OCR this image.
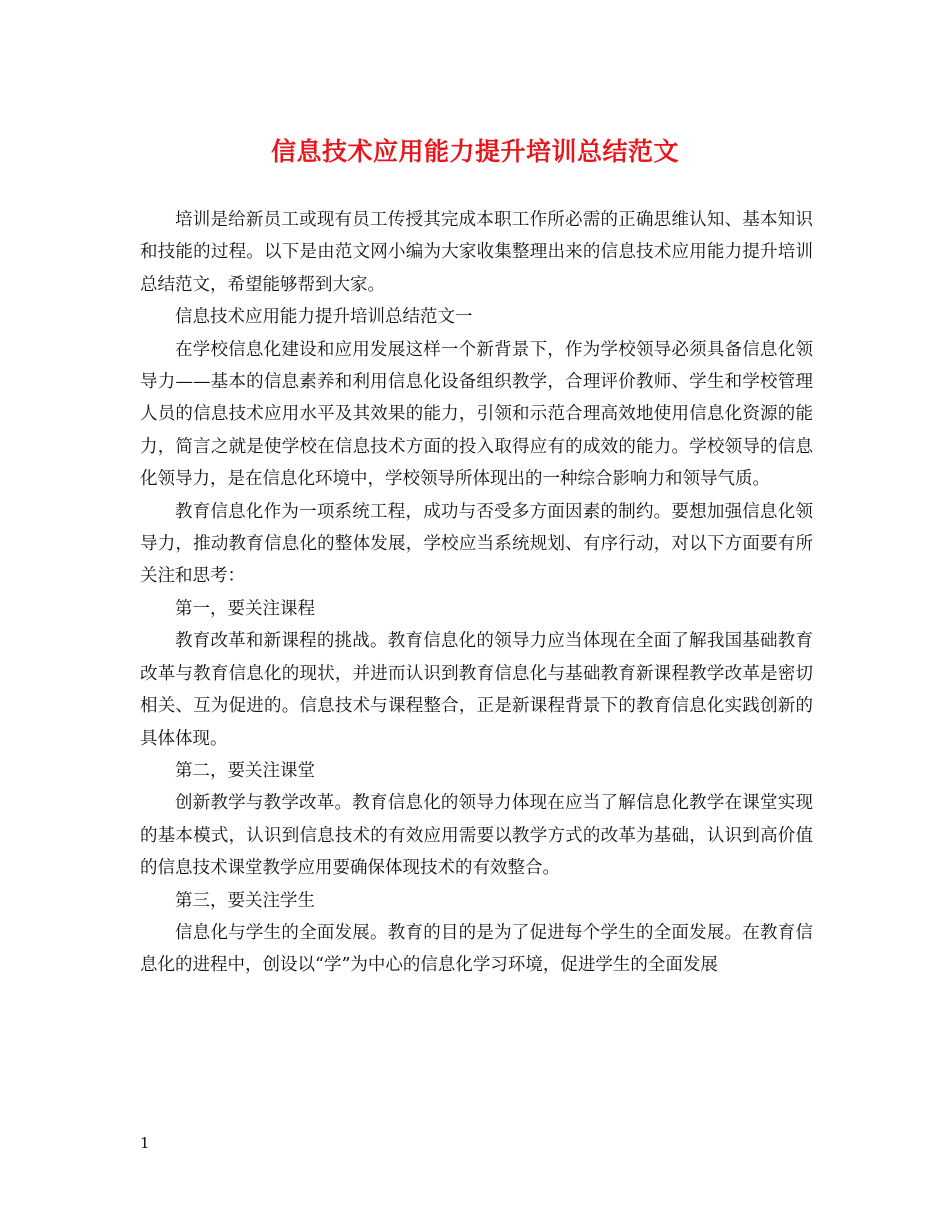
信息技术应用能力提升培训总结范文

培训是给新员工或现有员工传授其完成本职工作所必需的正确思维认知、基本知识和技能的过程。以下是由范文网小编为大家收集整理出来的信息技术应用能力提升培训总结范文，希望能够帮到大家。

信息技术应用能力提升培训总结范文一

在学校信息化建设和应用发展这样一个新背景下，作为学校领导必须具备信息化领导力——基本的信息素养和利用信息化设备组织教学，合理评价教师、学生和学校管理人员的信息技术应用水平及其效果的能力，引领和示范合理高效地使用信息化资源的能力，简言之就是使学校在信息技术方面的投入取得应有的成效的能力。学校领导的信息化领导力，是在信息化环境中，学校领导所体现出的一种综合影响力和领导气质。

教育信息化作为一项系统工程，成功与否受多方面因素的制约。要想加强信息化领导力，推动教育信息化的整体发展，学校应当系统规划、有序行动，对以下方面要有所关注和思考：

第一，要关注课程

教育改革和新课程的挑战。教育信息化的领导力应当体现在全面了解我国基础教育改革与教育信息化的现状，并进而认识到教育信息化与基础教育新课程教学改革是密切相关、互为促进的。信息技术与课程整合，正是新课程背景下的教育信息化实践创新的具体体现。

第二，要关注课堂

创新教学与教学改革。教育信息化的领导力体现在应当了解信息化教学在课堂实现的基本模式，认识到信息技术的有效应用需要以教学方式的改革为基础，认识到高价值的信息技术课堂教学应用要确保体现技术的有效整合。

第三，要关注学生

信息化与学生的全面发展。教育的目的是为了促进每个学生的全面发展。在教育信息化的进程中，创设以“学”为中心的信息化学习环境，促进学生的全面发展

1
